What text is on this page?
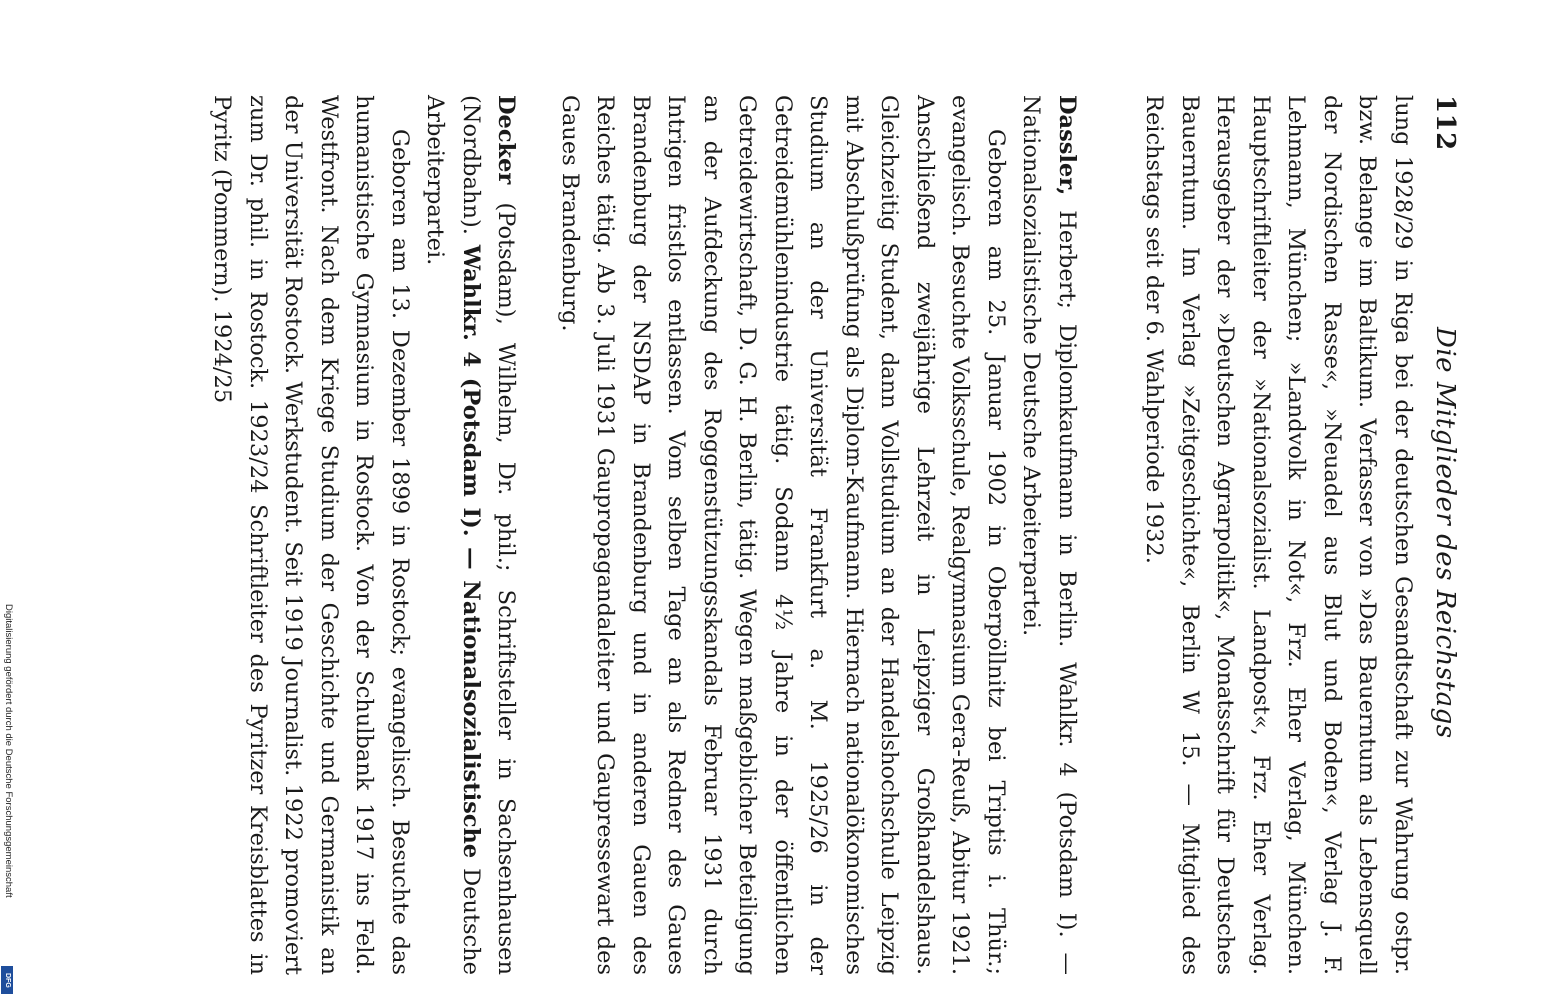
112
Die Mitglieder des Reichstags

lung 1928/29 in Riga bei der deutschen Gesandtschaft zur Wahrung ostpr. bzw. Belange im Baltikum. Verfasser von »Das Bauerntum als Lebensquell der Nordischen Rasse«, »Neuadel aus Blut und Boden«, Verlag J. F. Lehmann, München; »Landvolk in Not«, Frz. Eher Verlag, München. Hauptschriftleiter der »Nationalsozialist. Landpost«, Frz. Eher Verlag. Herausgeber der »Deutschen Agrarpolitik«, Monatsschrift für Deutsches Bauerntum. Im Verlag »Zeitgeschichte«, Berlin W 15. — Mitglied des Reichstags seit der 6. Wahlperiode 1932.

Dassler, Herbert; Diplomkaufmann in Berlin. Wahlkr. 4 (Potsdam I). — Nationalsozialistische Deutsche Arbeiterpartei.

Geboren am 25. Januar 1902 in Oberpöllnitz bei Triptis i. Thür.; evangelisch. Besuchte Volksschule, Realgymnasium Gera-Reuß, Abitur 1921. Anschließend zweijährige Lehrzeit in Leipziger Großhandelshaus. Gleichzeitig Student, dann Vollstudium an der Handelshochschule Leipzig mit Abschlußprüfung als Diplom-Kaufmann. Hiernach nationalökonomisches Studium an der Universität Frankfurt a. M. 1925/26 in der Getreidemühlenindustrie tätig. Sodann 4½ Jahre in der öffentlichen Getreidewirtschaft, D. G. H. Berlin, tätig. Wegen maßgeblicher Beteiligung an der Aufdeckung des Roggenstützungsskandals Februar 1931 durch Intrigen fristlos entlassen. Vom selben Tage an als Redner des Gaues Brandenburg der NSDAP in Brandenburg und in anderen Gauen des Reiches tätig. Ab 3. Juli 1931 Gaupropagandaleiter und Gaupressewart des Gaues Brandenburg.

Decker (Potsdam), Wilhelm, Dr. phil.; Schriftsteller in Sachsenhausen (Nordbahn). Wahlkr. 4 (Potsdam I). — Nationalsozialistische Deutsche Arbeiterpartei.

Geboren am 13. Dezember 1899 in Rostock; evangelisch. Besuchte das humanistische Gymnasium in Rostock. Von der Schulbank 1917 ins Feld. Westfront. Nach dem Kriege Studium der Geschichte und Germanistik an der Universität Rostock. Werkstudent. Seit 1919 Journalist. 1922 promoviert zum Dr. phil. in Rostock. 1923/24 Schriftleiter des Pyritzer Kreisblattes in Pyritz (Pommern). 1924/25

Digitalisierung gefördert durch die Deutsche Forschungsgemeinschaft
DFG
